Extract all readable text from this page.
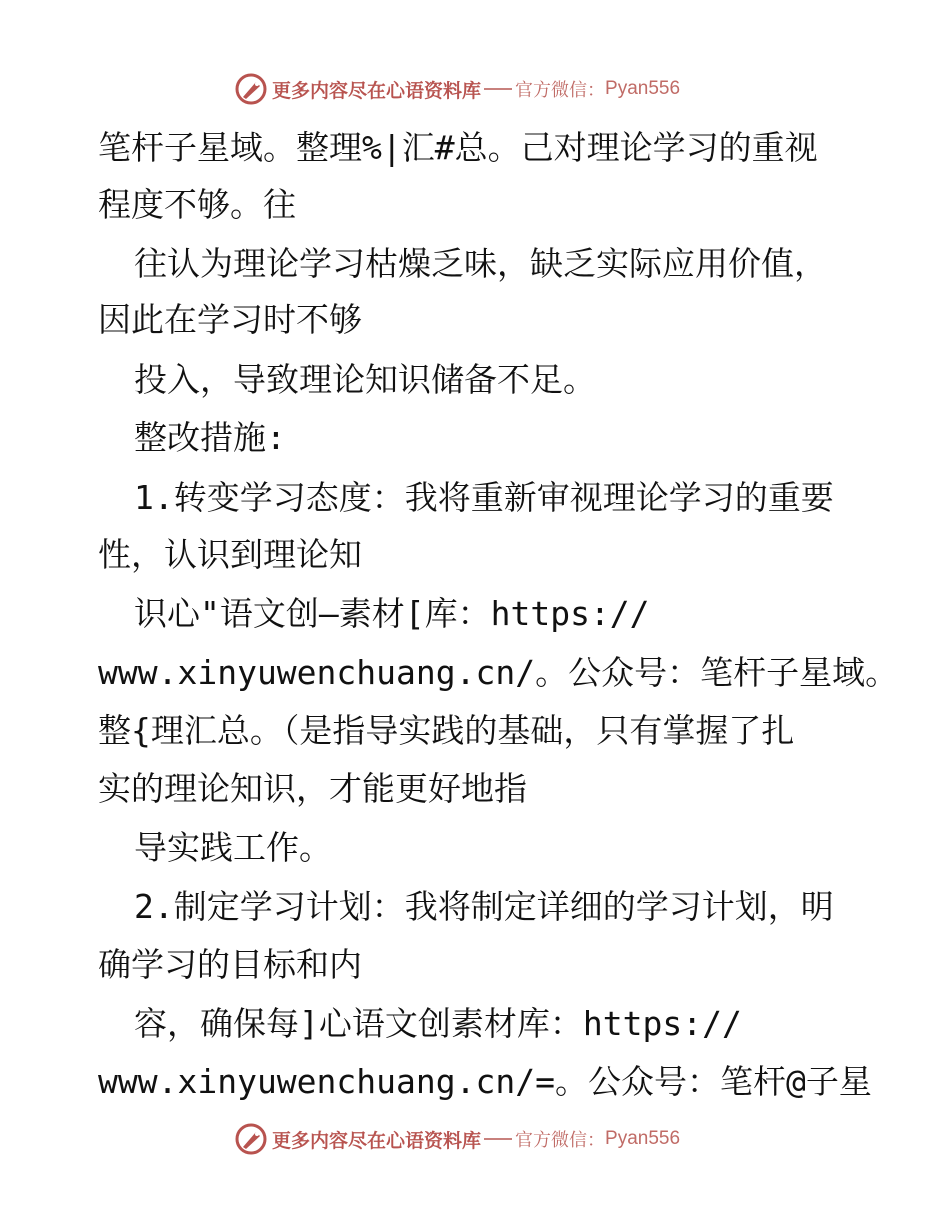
更多内容尽在心语资料库 官方微信： Pyan556
笔杆子星域。整理%|汇#总。己对理论学习的重视
程度不够。往
往认为理论学习枯燥乏味，缺乏实际应用价值，
因此在学习时不够
投入，导致理论知识储备不足。
整改措施:
1.转变学习态度：我将重新审视理论学习的重要
性，认识到理论知
识心"语文创—素材[库：https://
www.xinyuwenchuang.cn/。公众号：笔杆子星域。
整{理汇总。（是指导实践的基础，只有掌握了扎
实的理论知识，才能更好地指
导实践工作。
2.制定学习计划：我将制定详细的学习计划，明
确学习的目标和内
容，确保每]心语文创素材库：https://
www.xinyuwenchuang.cn/=。公众号：笔杆@子星
更多内容尽在心语资料库 官方微信： Pyan556
